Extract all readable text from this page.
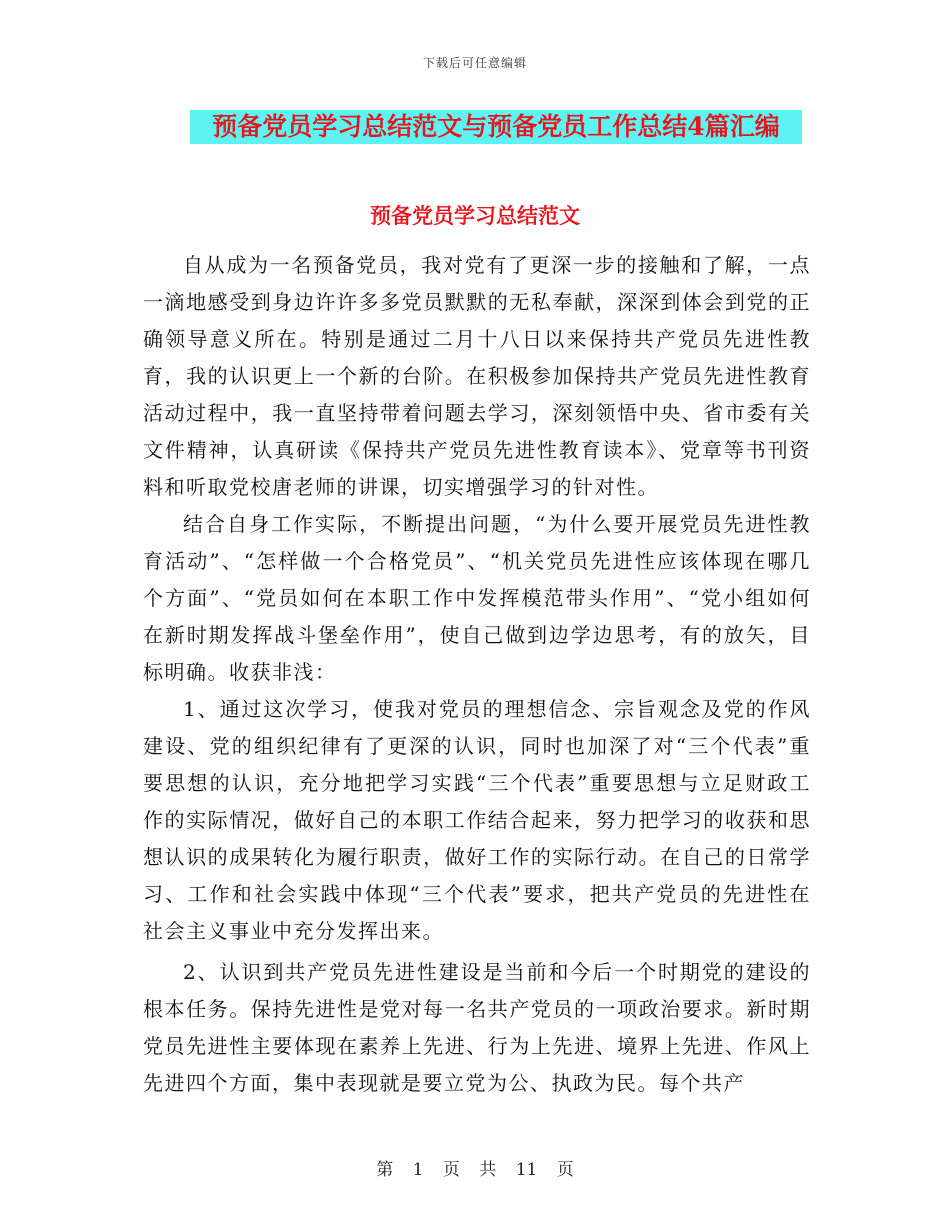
下载后可任意编辑
预备党员学习总结范文与预备党员工作总结4篇汇编
预备党员学习总结范文

自从成为一名预备党员，我对党有了更深一步的接触和了解，一点一滴地感受到身边许许多多党员默默的无私奉献，深深到体会到党的正确领导意义所在。特别是通过二月十八日以来保持共产党员先进性教育，我的认识更上一个新的台阶。在积极参加保持共产党员先进性教育活动过程中，我一直坚持带着问题去学习，深刻领悟中央、省市委有关文件精神，认真研读《保持共产党员先进性教育读本》、党章等书刊资料和听取党校唐老师的讲课，切实增强学习的针对性。

结合自身工作实际，不断提出问题，“为什么要开展党员先进性教育活动”、“怎样做一个合格党员”、“机关党员先进性应该体现在哪几个方面”、“党员如何在本职工作中发挥模范带头作用”、“党小组如何在新时期发挥战斗堡垒作用”，使自己做到边学边思考，有的放矢，目标明确。收获非浅：

1、通过这次学习，使我对党员的理想信念、宗旨观念及党的作风建设、党的组织纪律有了更深的认识，同时也加深了对“三个代表”重要思想的认识，充分地把学习实践“三个代表”重要思想与立足财政工作的实际情况，做好自己的本职工作结合起来，努力把学习的收获和思想认识的成果转化为履行职责，做好工作的实际行动。在自己的日常学习、工作和社会实践中体现“三个代表”要求，把共产党员的先进性在社会主义事业中充分发挥出来。

2、认识到共产党员先进性建设是当前和今后一个时期党的建设的根本任务。保持先进性是党对每一名共产党员的一项政治要求。新时期党员先进性主要体现在素养上先进、行为上先进、境界上先进、作风上先进四个方面，集中表现就是要立党为公、执政为民。每个共产

第 1 页 共 11 页
